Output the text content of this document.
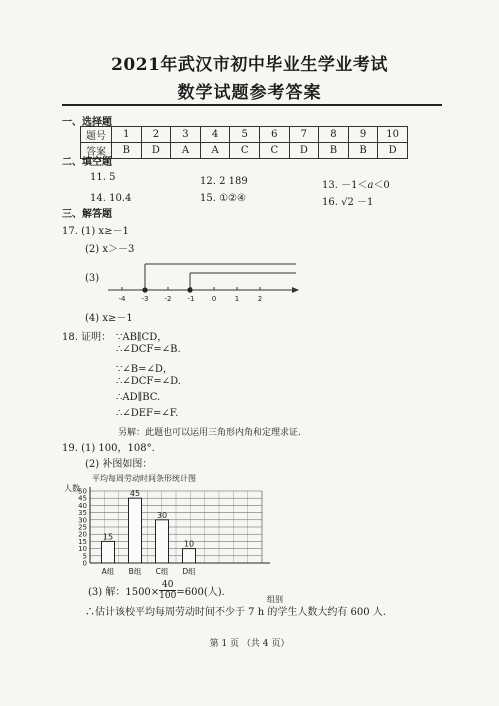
2021年武汉市初中毕业生学业考试
数学试题参考答案
一、选择题
题号	1	2	3	4	5	6	7	8	9	10
答案	B	D	A	A	C	C	D	B	B	D
二、填空题
11. 5	12. 2 189	13. －1＜a＜0
14. 10.4	15. ①②④	16. √2 －1
三、解答题
17. (1) x≥－1
(2) x＞－3
(3)
-4 -3 -2 -1 0	1	2
(4) x≥－1
18. 证明： ∵AB∥CD，
∴∠DCF=∠B.
∵∠B=∠D，
∴∠DCF=∠D.
∴AD∥BC.
∴∠DEF=∠F.
另解：此题也可以运用三角形内角和定理求证.
19. (1) 100，108°.
(2) 补图如图：
平均每周劳动时间条形统计图
人数
组别
5
10
15
20
25
30
35
40
45
50
0
15
A组
45
B组
30
C组
10
D组
(3) 解：$1500\times \frac{40}{100} =600$(人).
∴估计该校平均每周劳动时间不少于 7 h 的学生人数大约有 600 人.
第 1 页 （共 4 页）
